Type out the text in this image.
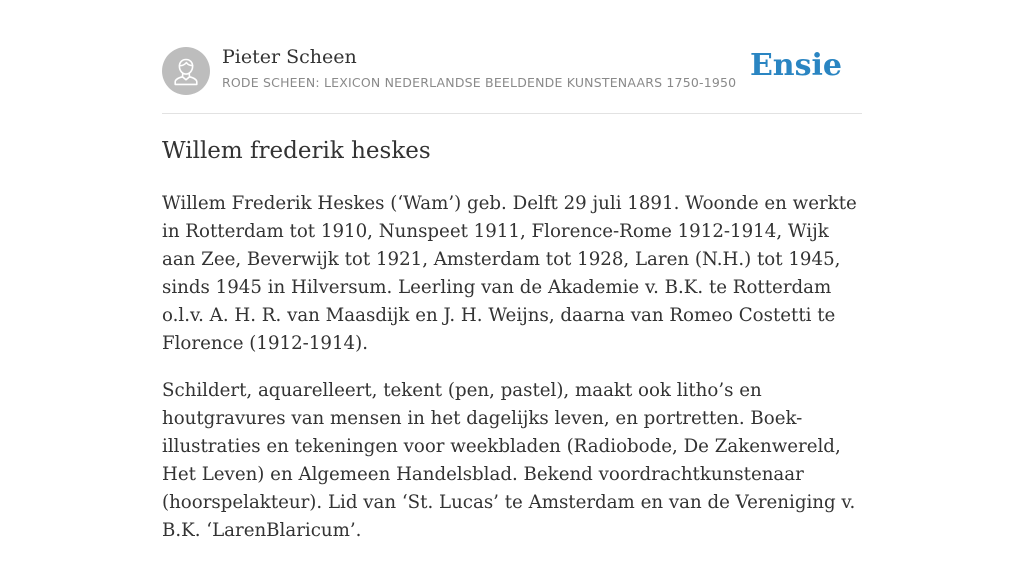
Pieter Scheen
RODE SCHEEN: LEXICON NEDERLANDSE BEELDENDE KUNSTENAARS 1750-1950 Ensie
Willem frederik heskes

Willem Frederik Heskes (‘Wam’) geb. Delft 29 juli 1891. Woonde en werkte in Rotterdam tot 1910, Nunspeet 1911, Florence-Rome 1912-1914, Wijk aan Zee, Beverwijk tot 1921, Amsterdam tot 1928, Laren (N.H.) tot 1945, sinds 1945 in Hilversum. Leerling van de Akademie v. B.K. te Rotterdam o.l.v. A. H. R. van Maasdijk en J. H. Weijns, daarna van Romeo Costetti te Florence (1912-1914).

Schildert, aquarelleert, tekent (pen, pastel), maakt ook litho’s en houtgravures van mensen in het dagelijks leven, en portretten. Boek-illustraties en tekeningen voor weekbladen (Radiobode, De Zakenwereld, Het Leven) en Algemeen Handelsblad. Bekend voordrachtkunstenaar (hoorspelakteur). Lid van ‘St. Lucas’ te Amsterdam en van de Vereniging v. B.K. ‘LarenBlaricum’.
